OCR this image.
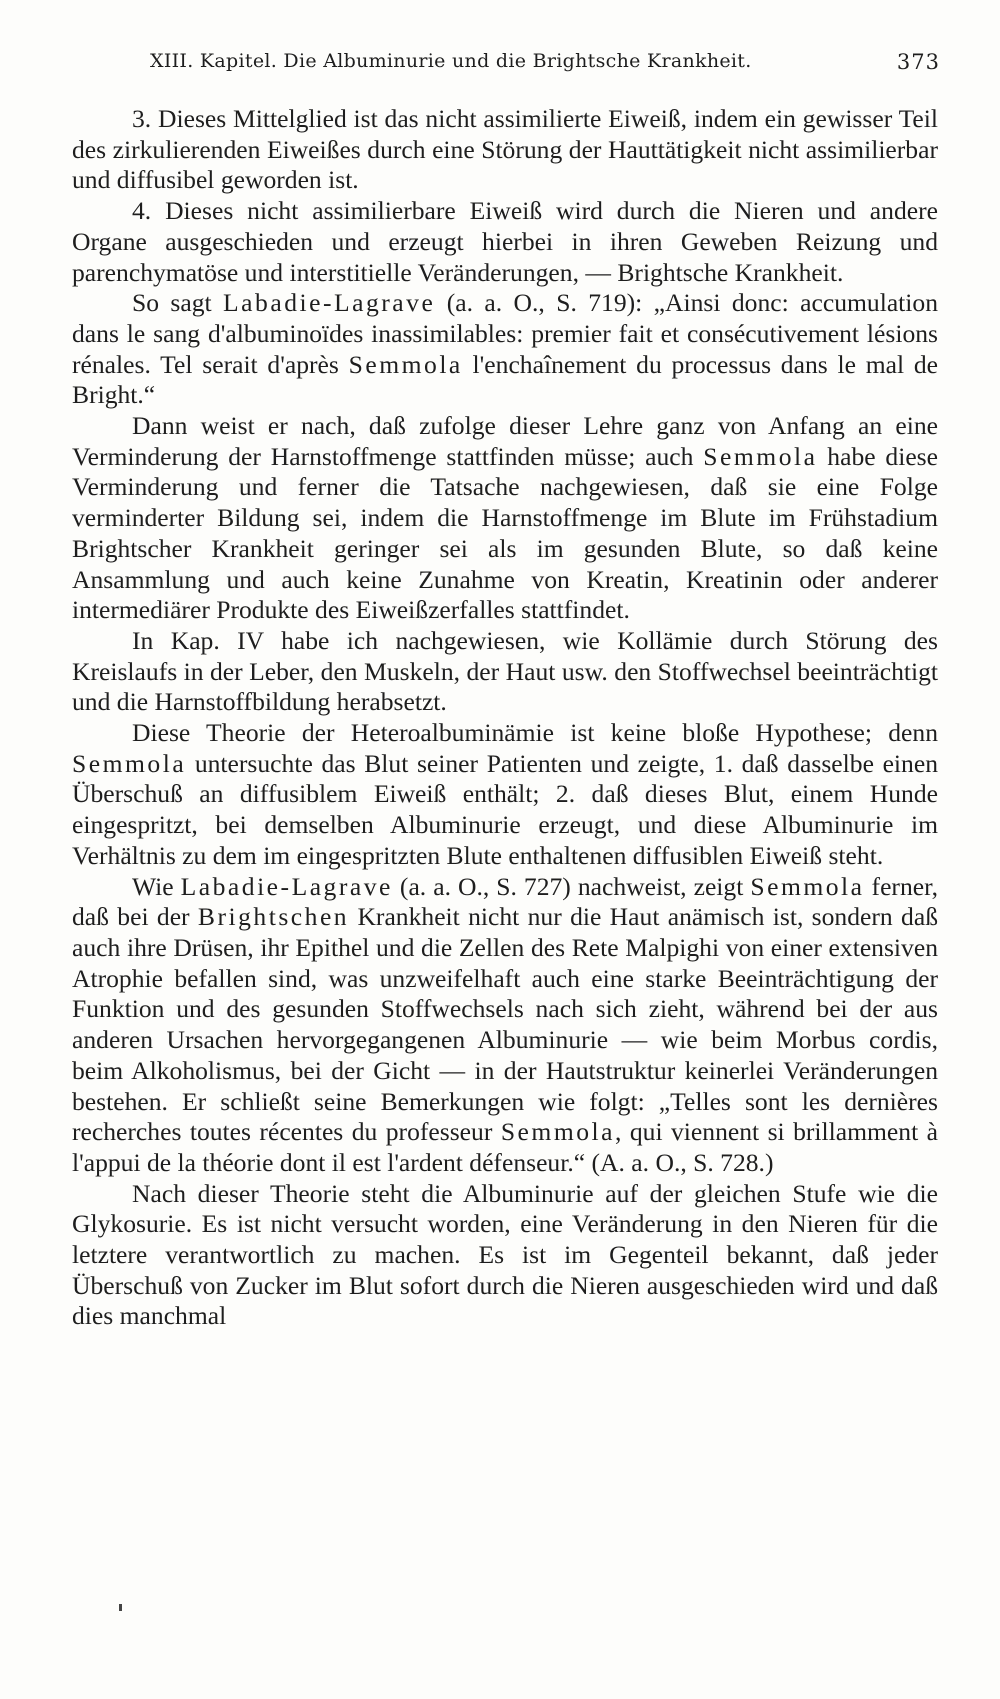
XIII. Kapitel. Die Albuminurie und die Brightsche Krankheit.	373

3. Dieses Mittelglied ist das nicht assimilierte Eiweiß, indem ein gewisser Teil des zirkulierenden Eiweißes durch eine Störung der Hauttätigkeit nicht assimilierbar und diffusibel geworden ist.

4. Dieses nicht assimilierbare Eiweiß wird durch die Nieren und andere Organe ausgeschieden und erzeugt hierbei in ihren Geweben Reizung und parenchymatöse und interstitielle Veränderungen, — Brightsche Krankheit.

So sagt Labadie-Lagrave (a. a. O., S. 719): „Ainsi donc: accumulation dans le sang d'albuminoïdes inassimilables: premier fait et consécutivement lésions rénales. Tel serait d'après Semmola l'enchaînement du processus dans le mal de Bright.“

Dann weist er nach, daß zufolge dieser Lehre ganz von Anfang an eine Verminderung der Harnstoffmenge stattfinden müsse; auch Semmola habe diese Verminderung und ferner die Tatsache nachgewiesen, daß sie eine Folge verminderter Bildung sei, indem die Harnstoffmenge im Blute im Frühstadium Brightscher Krankheit geringer sei als im gesunden Blute, so daß keine Ansammlung und auch keine Zunahme von Kreatin, Kreatinin oder anderer intermediärer Produkte des Eiweißzerfalles stattfindet.

In Kap. IV habe ich nachgewiesen, wie Kollämie durch Störung des Kreislaufs in der Leber, den Muskeln, der Haut usw. den Stoffwechsel beeinträchtigt und die Harnstoffbildung herabsetzt.

Diese Theorie der Heteroalbuminämie ist keine bloße Hypothese; denn Semmola untersuchte das Blut seiner Patienten und zeigte, 1. daß dasselbe einen Überschuß an diffusiblem Eiweiß enthält; 2. daß dieses Blut, einem Hunde eingespritzt, bei demselben Albuminurie erzeugt, und diese Albuminurie im Verhältnis zu dem im eingespritzten Blute enthaltenen diffusiblen Eiweiß steht.

Wie Labadie-Lagrave (a. a. O., S. 727) nachweist, zeigt Semmola ferner, daß bei der Brightschen Krankheit nicht nur die Haut anämisch ist, sondern daß auch ihre Drüsen, ihr Epithel und die Zellen des Rete Malpighi von einer extensiven Atrophie befallen sind, was unzweifelhaft auch eine starke Beeinträchtigung der Funktion und des gesunden Stoffwechsels nach sich zieht, während bei der aus anderen Ursachen hervorgegangenen Albuminurie — wie beim Morbus cordis, beim Alkoholismus, bei der Gicht — in der Hautstruktur keinerlei Veränderungen bestehen. Er schließt seine Bemerkungen wie folgt: „Telles sont les dernières recherches toutes récentes du professeur Semmola, qui viennent si brillamment à l'appui de la théorie dont il est l'ardent défenseur.“ (A. a. O., S. 728.)

Nach dieser Theorie steht die Albuminurie auf der gleichen Stufe wie die Glykosurie. Es ist nicht versucht worden, eine Veränderung in den Nieren für die letztere verantwortlich zu machen. Es ist im Gegenteil bekannt, daß jeder Überschuß von Zucker im Blut sofort durch die Nieren ausgeschieden wird und daß dies manchmal
